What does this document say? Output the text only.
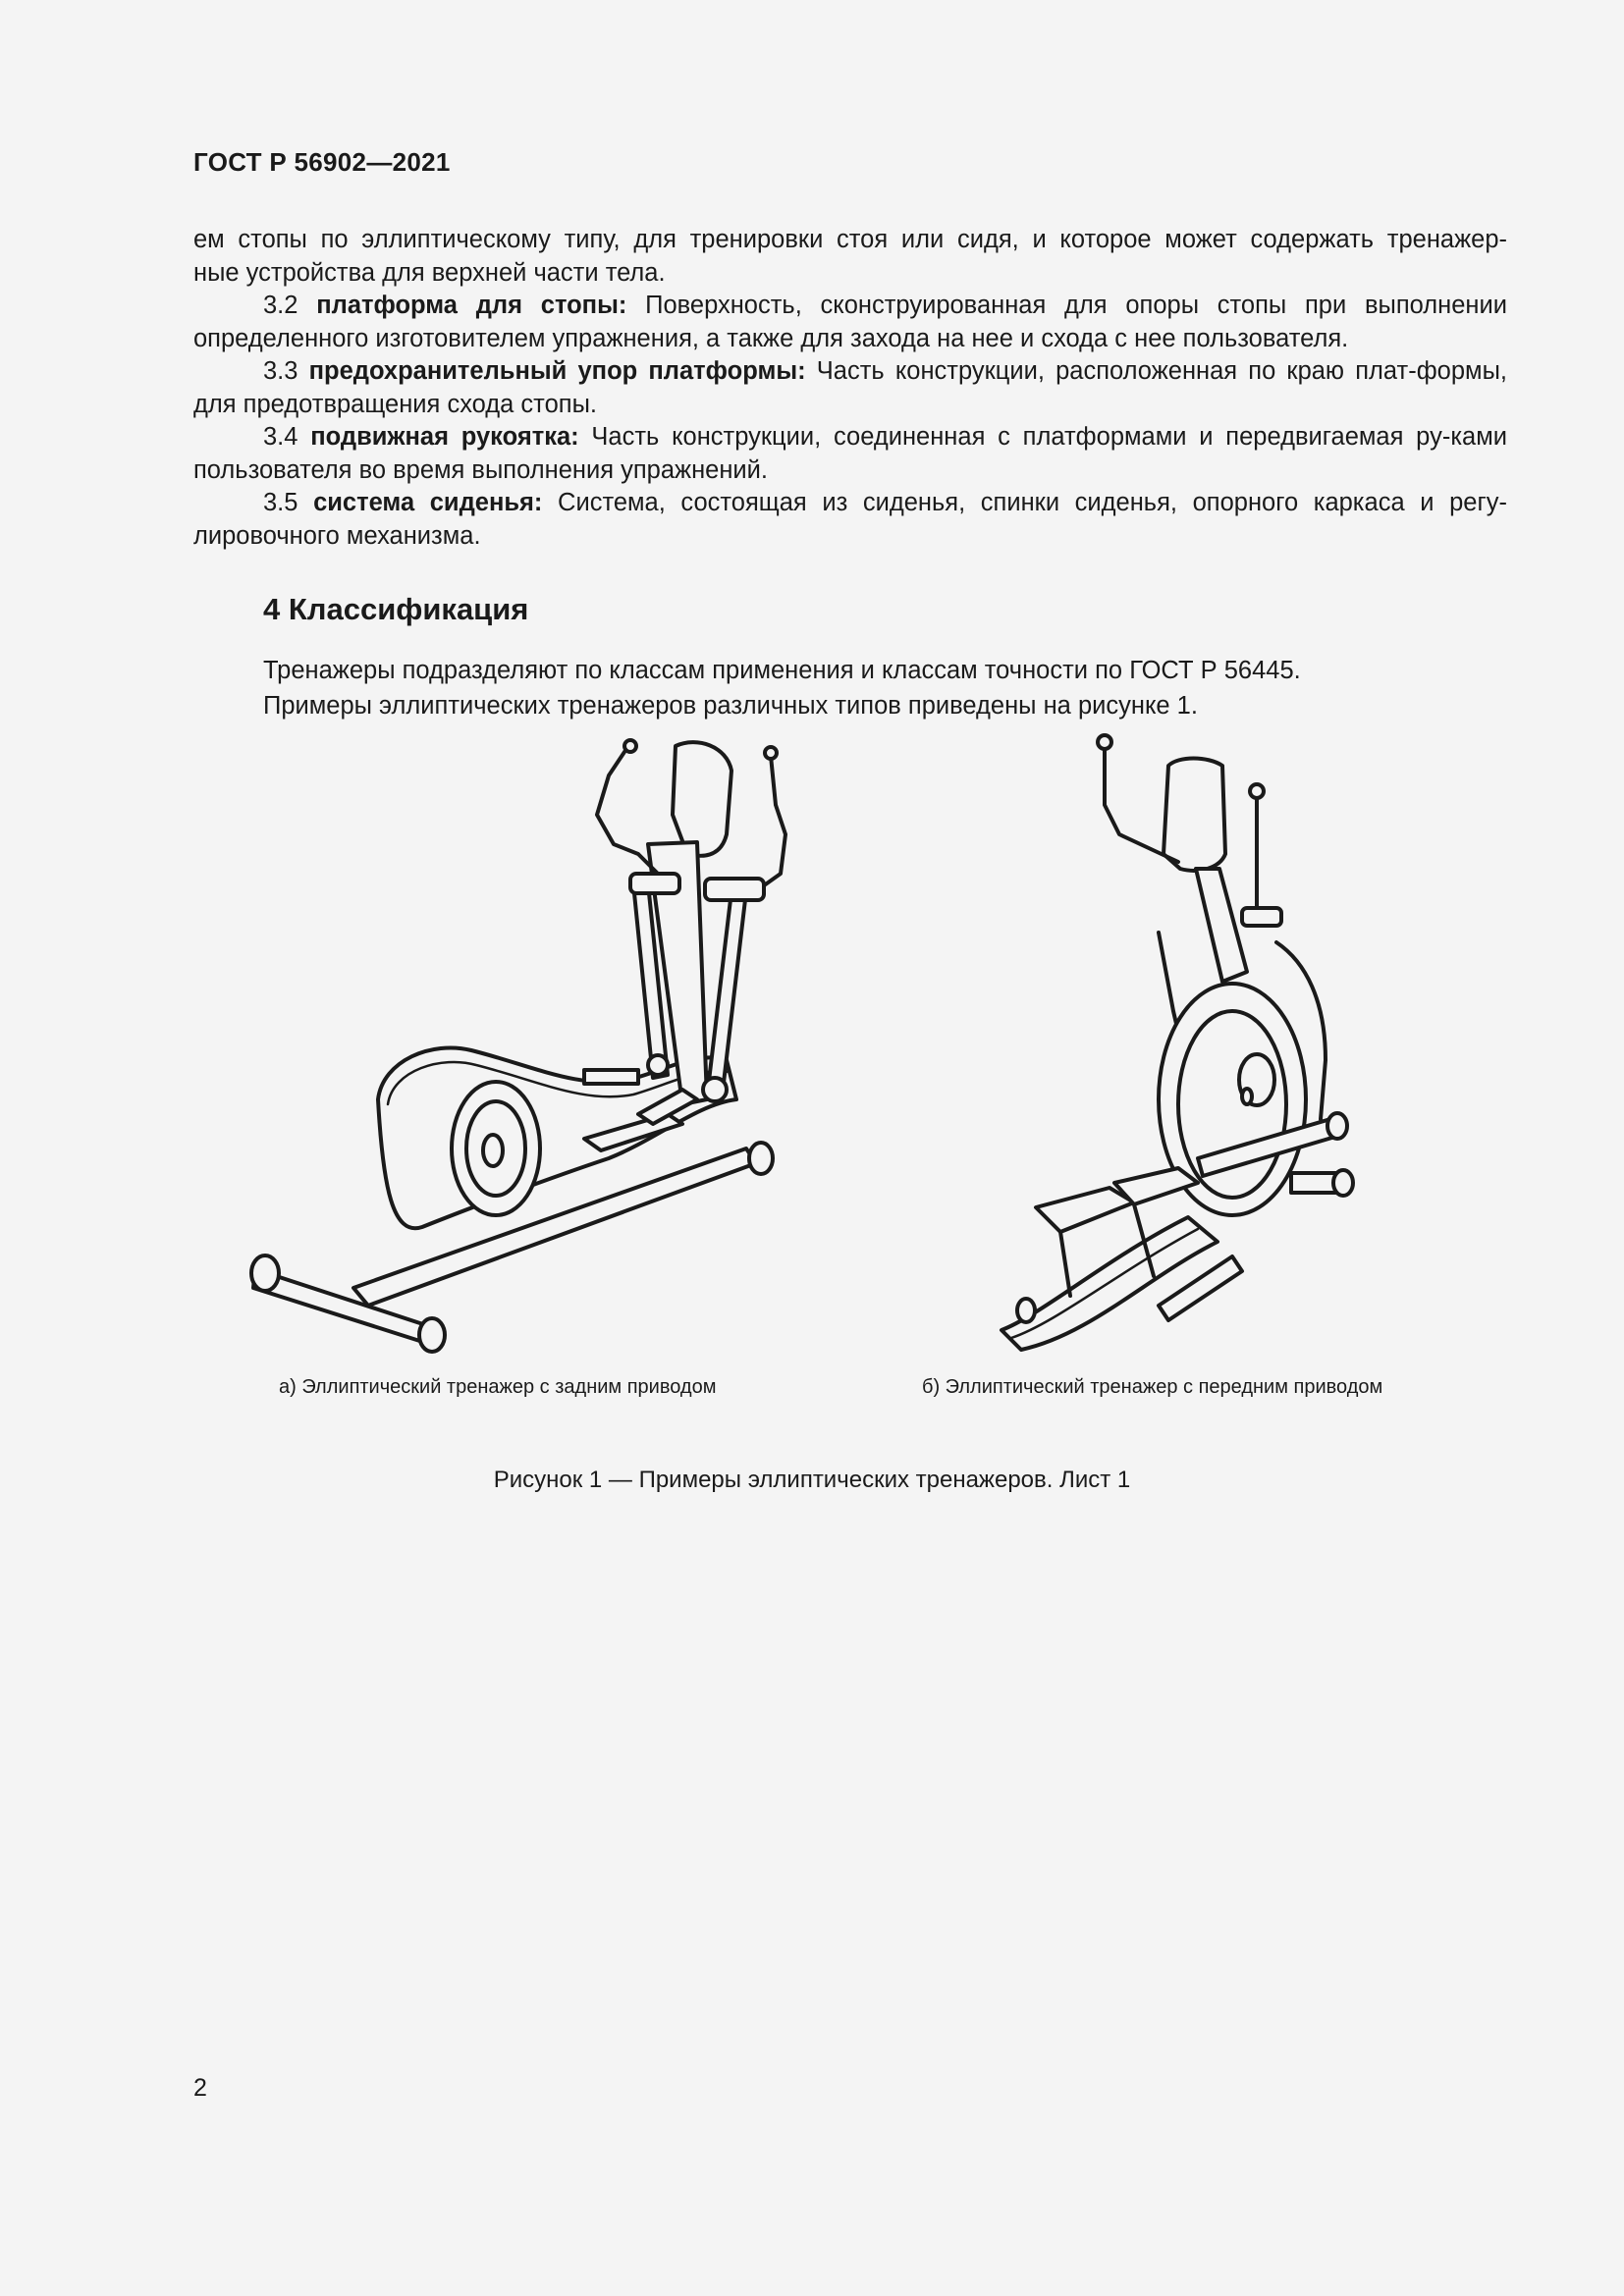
ГОСТ Р 56902—2021

ем стопы по эллиптическому типу, для тренировки стоя или сидя, и которое может содержать тренажер-

ные устройства для верхней части тела.

3.2 платформа для стопы: Поверхность, сконструированная для опоры стопы при выполнении определенного изготовителем упражнения, а также для захода на нее и схода с нее пользователя.

3.3 предохранительный упор платформы: Часть конструкции, расположенная по краю плат-формы, для предотвращения схода стопы.

3.4 подвижная рукоятка: Часть конструкции, соединенная с платформами и передвигаемая ру-ками пользователя во время выполнения упражнений.

3.5 система сиденья: Система, состоящая из сиденья, спинки сиденья, опорного каркаса и регу-лировочного механизма.

4 Классификация

Тренажеры подразделяют по классам применения и классам точности по ГОСТ Р 56445.

Примеры эллиптических тренажеров различных типов приведены на рисунке 1.

а) Эллиптический тренажер с задним приводом	б) Эллиптический тренажер с передним приводом
Рисунок 1 — Примеры эллиптических тренажеров. Лист 1
2
